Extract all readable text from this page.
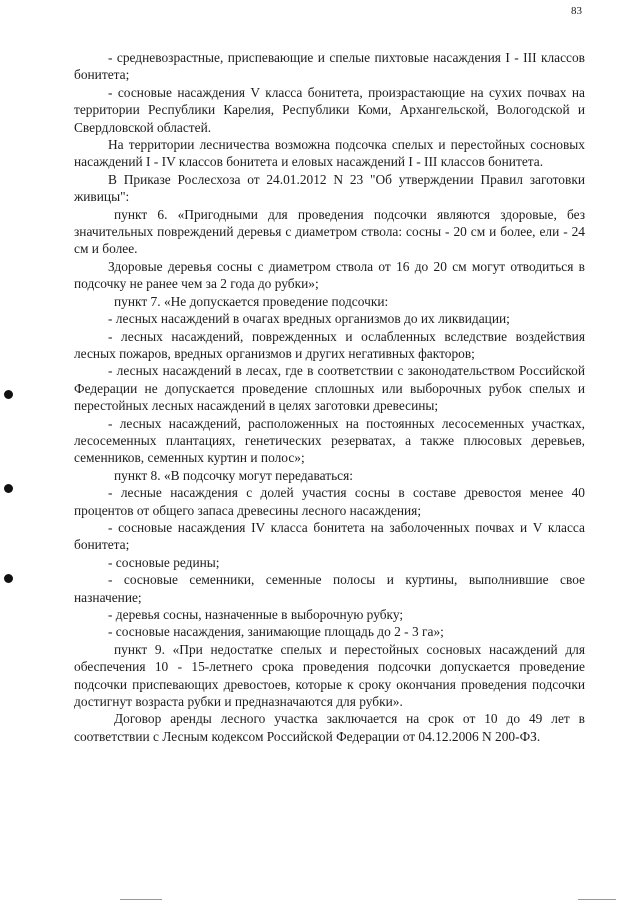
83

- средневозрастные, приспевающие и спелые пихтовые насаждения I - III классов бонитета;

- сосновые насаждения V класса бонитета, произрастающие на сухих почвах на территории Республики Карелия, Республики Коми, Архангельской, Вологодской и Свердловской областей.

На территории лесничества возможна подсочка спелых и перестойных сосновых насаждений I - IV классов бонитета и еловых насаждений I - III классов бонитета.

В Приказе Рослесхоза от 24.01.2012 N 23 "Об утверждении Правил заготовки живицы":

пункт 6. «Пригодными для проведения подсочки являются здоровые, без значительных повреждений деревья с диаметром ствола: сосны - 20 см и более, ели - 24 см и более.

Здоровые деревья сосны с диаметром ствола от 16 до 20 см могут отводиться в подсочку не ранее чем за 2 года до рубки»;

пункт 7. «Не допускается проведение подсочки:

- лесных насаждений в очагах вредных организмов до их ликвидации;

- лесных насаждений, поврежденных и ослабленных вследствие воздействия лесных пожаров, вредных организмов и других негативных факторов;

- лесных насаждений в лесах, где в соответствии с законодательством Российской Федерации не допускается проведение сплошных или выборочных рубок спелых и перестойных лесных насаждений в целях заготовки древесины;

- лесных насаждений, расположенных на постоянных лесосеменных участках, лесосеменных плантациях, генетических резерватах, а также плюсовых деревьев, семенников, семенных куртин и полос»;

пункт 8. «В подсочку могут передаваться:

- лесные насаждения с долей участия сосны в составе древостоя менее 40 процентов от общего запаса древесины лесного насаждения;

- сосновые насаждения IV класса бонитета на заболоченных почвах и V класса бонитета;

- сосновые редины;

- сосновые семенники, семенные полосы и куртины, выполнившие свое назначение;

- деревья сосны, назначенные в выборочную рубку;

- сосновые насаждения, занимающие площадь до 2 - 3 га»;

пункт 9. «При недостатке спелых и перестойных сосновых насаждений для обеспечения 10 - 15-летнего срока проведения подсочки допускается проведение подсочки приспевающих древостоев, которые к сроку окончания проведения подсочки достигнут возраста рубки и предназначаются для рубки».

Договор аренды лесного участка заключается на срок от 10 до 49 лет в соответствии с Лесным кодексом Российской Федерации от 04.12.2006 N 200-ФЗ.
